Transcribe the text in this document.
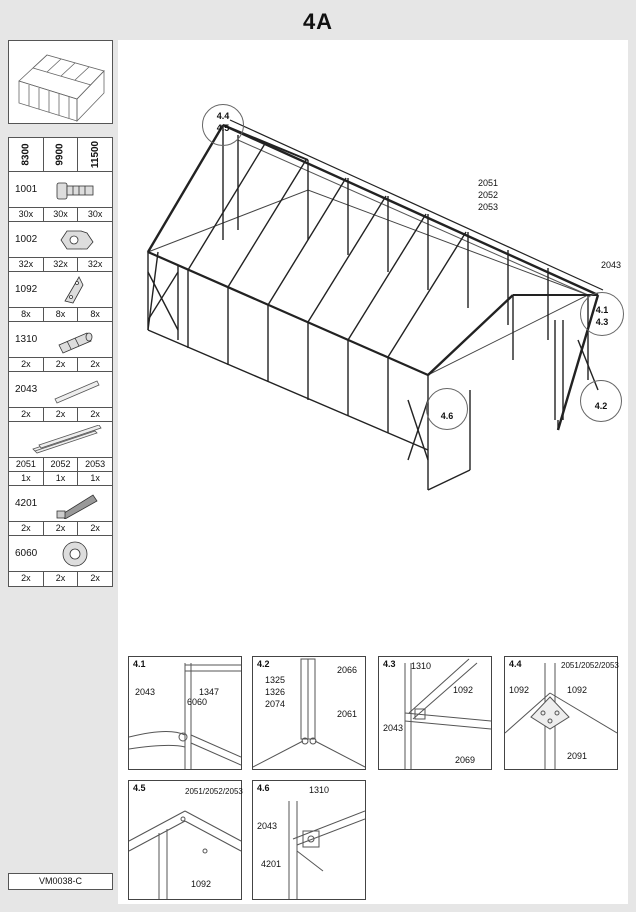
4A
8300 9900 11500
1001
30x	30x	30x
1002
32x	32x	32x
1092
8x	8x	8x
1310
2x	2x	2x
2043
2x	2x	2x
2051	2052	2053
1x	1x	1x
4201
2x	2x	2x
6060
2x	2x	2x
2051
2052
2053
2043
4.4
4.5
4.1
4.3
4.2
4.6
4.1
2043	1347
6060
4.2
1325
1326
2074
2066
2061
4.3 1310
1092
2043
2069
4.4	2051/2052/2053
1092	1092
2091
4.5	2051/2052/2053
1092
4.6	1310
2043
4201
VM0038-C
